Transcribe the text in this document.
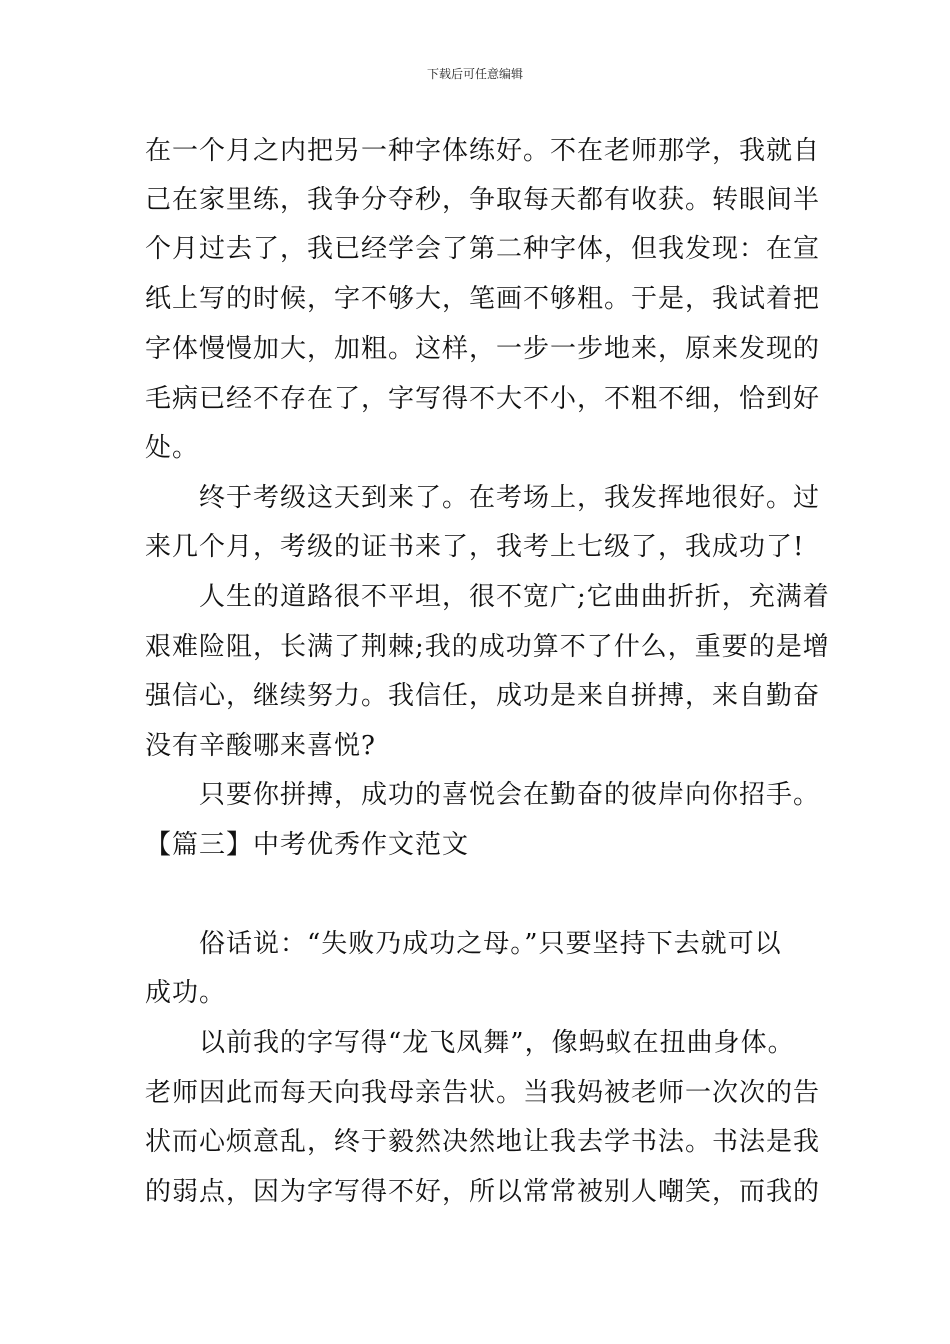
下载后可任意编辑
在一个月之内把另一种字体练好。不在老师那学，我就自
己在家里练，我争分夺秒，争取每天都有收获。转眼间半
个月过去了，我已经学会了第二种字体，但我发现：在宣
纸上写的时候，字不够大，笔画不够粗。于是，我试着把
字体慢慢加大，加粗。这样，一步一步地来，原来发现的
毛病已经不存在了，字写得不大不小，不粗不细，恰到好
处。
　　终于考级这天到来了。在考场上，我发挥地很好。过
来几个月，考级的证书来了，我考上七级了，我成功了!
　　人生的道路很不平坦，很不宽广;它曲曲折折，充满着
艰难险阻，长满了荆棘;我的成功算不了什么，重要的是增
强信心，继续努力。我信任，成功是来自拼搏，来自勤奋
没有辛酸哪来喜悦?
　　只要你拼搏，成功的喜悦会在勤奋的彼岸向你招手。
【篇三】中考优秀作文范文
　　俗话说：“失败乃成功之母。”只要坚持下去就可以
成功。
　　以前我的字写得“龙飞凤舞”，像蚂蚁在扭曲身体。
老师因此而每天向我母亲告状。当我妈被老师一次次的告
状而心烦意乱，终于毅然决然地让我去学书法。书法是我
的弱点，因为字写得不好，所以常常被别人嘲笑，而我的
